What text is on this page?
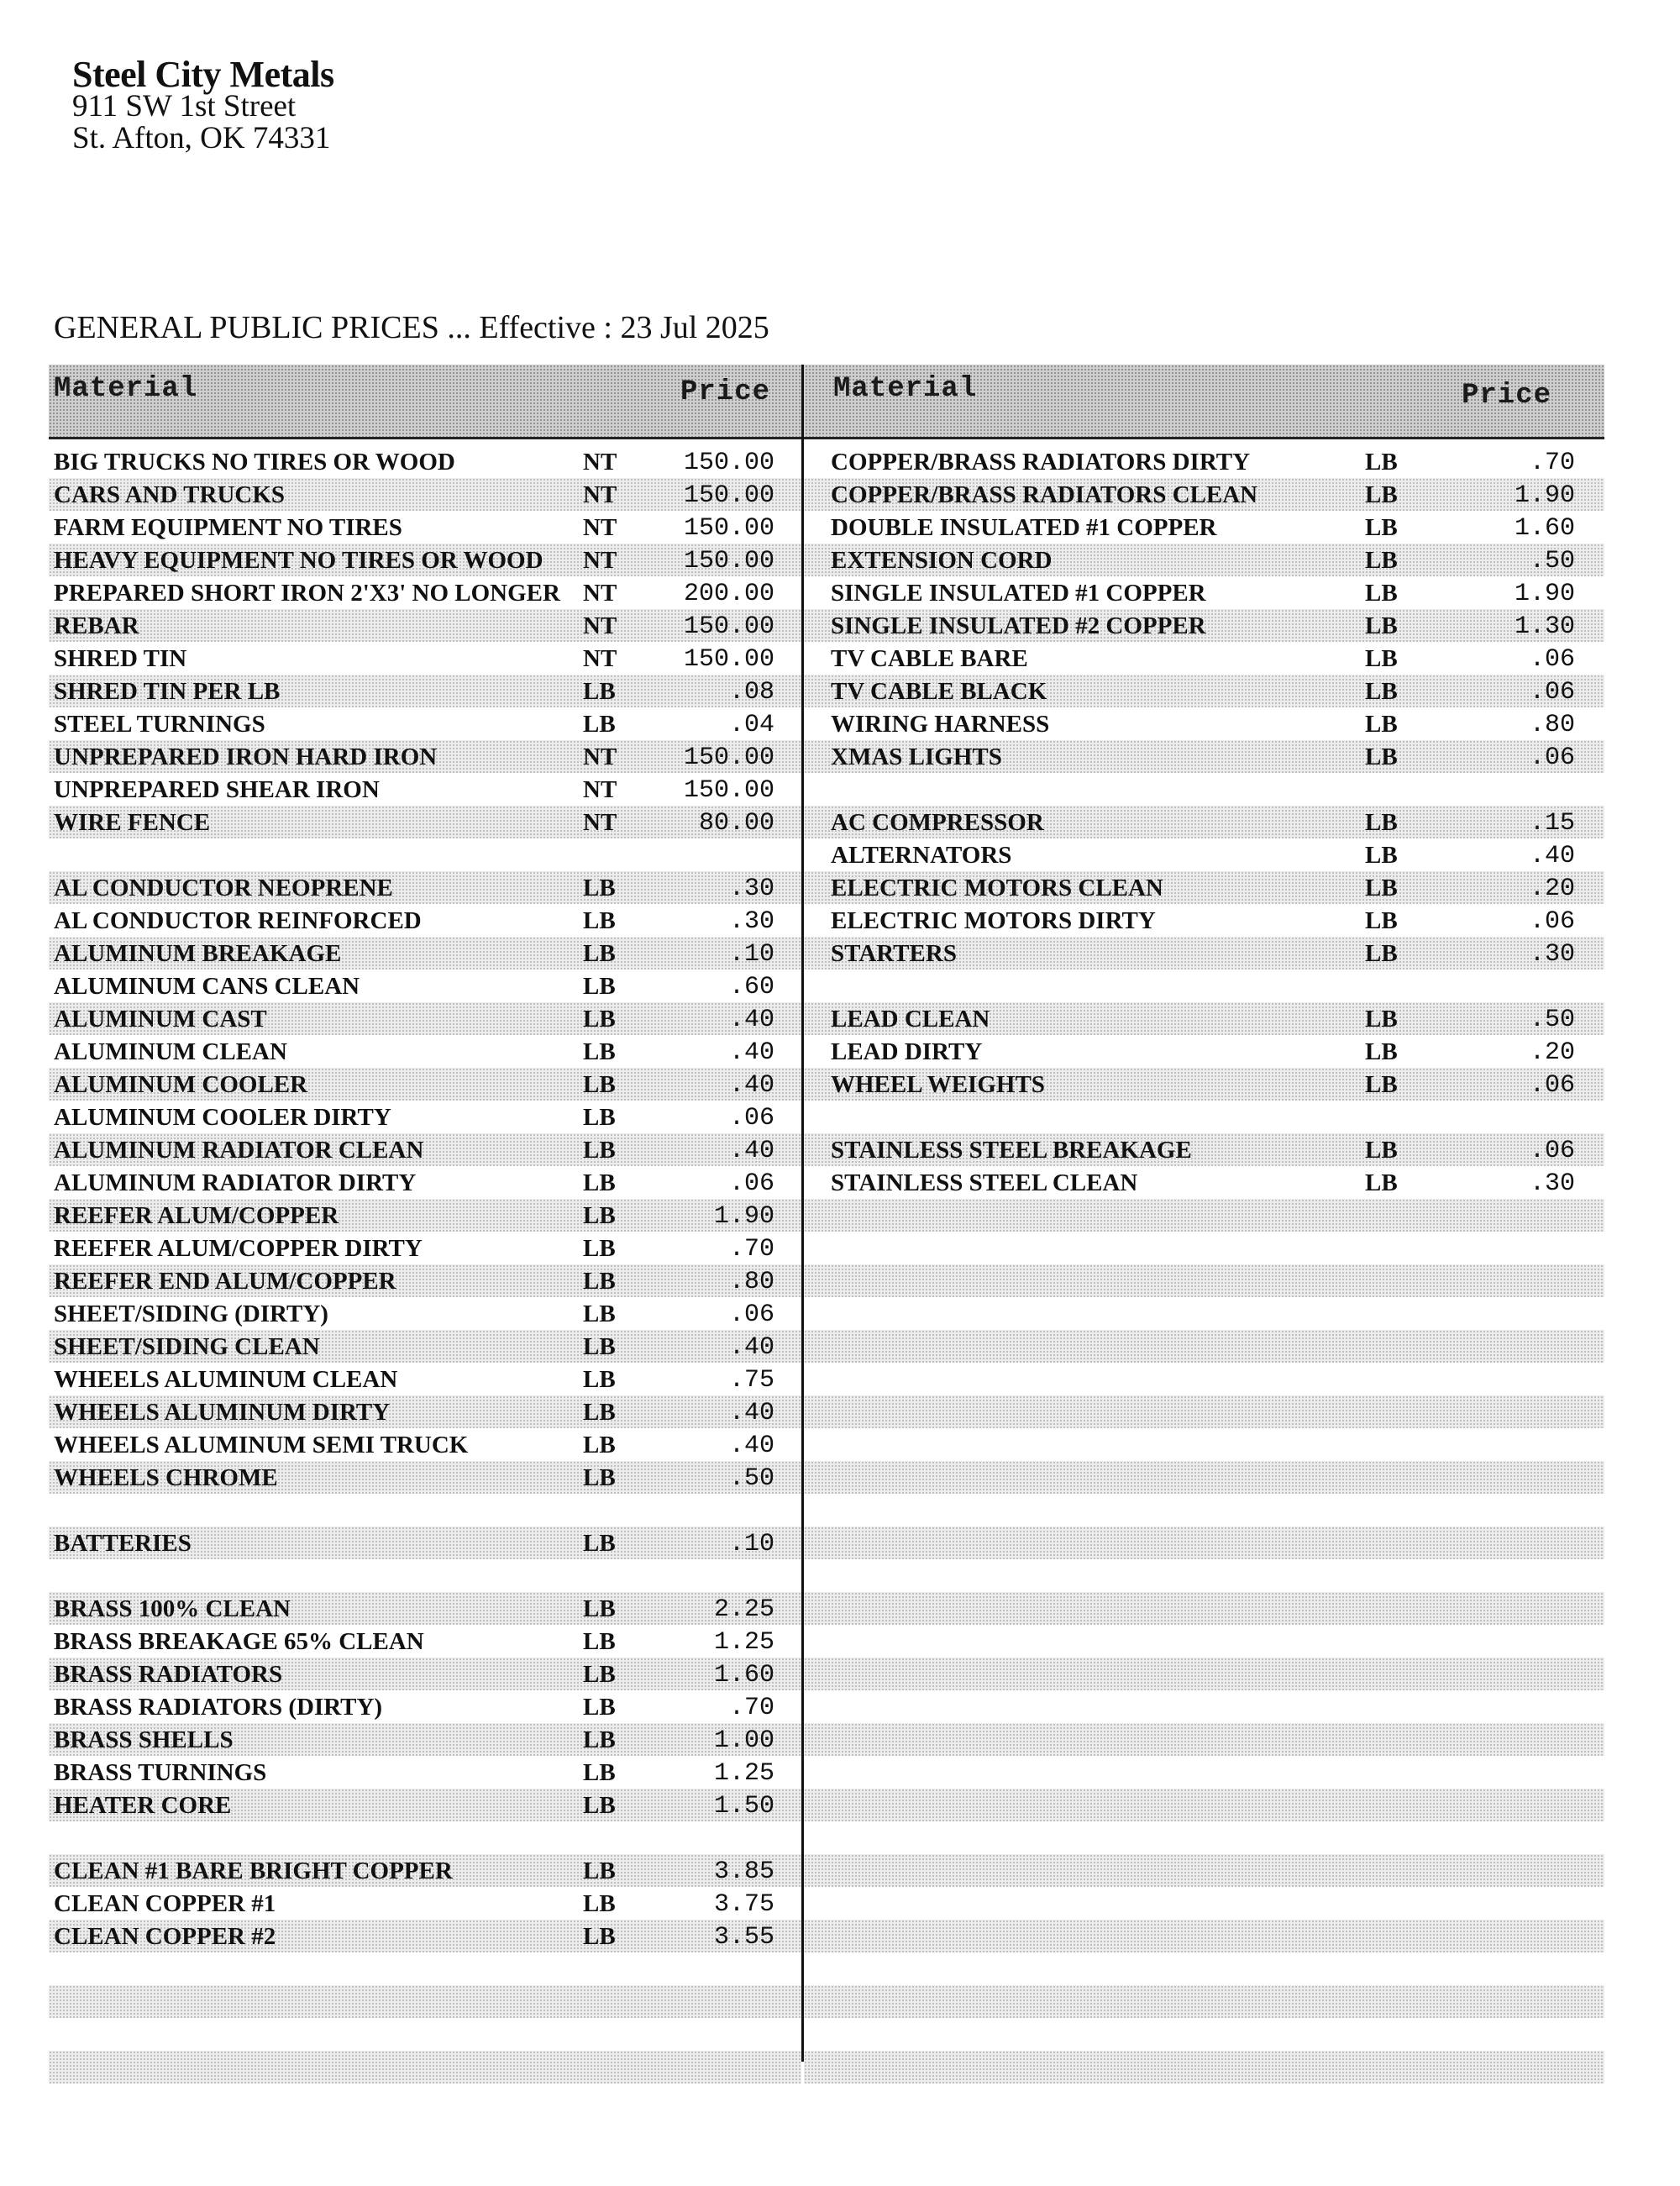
Steel City Metals
911 SW 1st Street
St. Afton, OK 74331
GENERAL PUBLIC PRICES ... Effective : 23 Jul 2025
Material	Price Material	Price
BIG TRUCKS NO TIRES OR WOOD	NT	150.00
CARS AND TRUCKS	NT	150.00
FARM EQUIPMENT NO TIRES	NT	150.00
HEAVY EQUIPMENT NO TIRES OR WOOD NT	150.00
PREPARED SHORT IRON 2'X3' NO LONGER NT	200.00
REBAR	NT	150.00
SHRED TIN	NT	150.00
SHRED TIN PER LB	LB	.08
STEEL TURNINGS	LB	.04
UNPREPARED IRON HARD IRON	NT	150.00
UNPREPARED SHEAR IRON	NT	150.00
WIRE FENCE	NT	80.00
AL CONDUCTOR NEOPRENE	LB	.30
AL CONDUCTOR REINFORCED	LB	.30
ALUMINUM BREAKAGE	LB	.10
ALUMINUM CANS CLEAN	LB	.60
ALUMINUM CAST	LB	.40
ALUMINUM CLEAN	LB	.40
ALUMINUM COOLER	LB	.40
ALUMINUM COOLER DIRTY	LB	.06
ALUMINUM RADIATOR CLEAN	LB	.40
ALUMINUM RADIATOR DIRTY	LB	.06
REEFER ALUM/COPPER	LB	1.90
REEFER ALUM/COPPER DIRTY	LB	.70
REEFER END ALUM/COPPER	LB	.80
SHEET/SIDING (DIRTY)	LB	.06
SHEET/SIDING CLEAN	LB	.40
WHEELS ALUMINUM CLEAN	LB	.75
WHEELS ALUMINUM DIRTY	LB	.40
WHEELS ALUMINUM SEMI TRUCK	LB	.40
WHEELS CHROME	LB	.50
BATTERIES	LB	.10
BRASS 100% CLEAN	LB	2.25
BRASS BREAKAGE 65% CLEAN	LB	1.25
BRASS RADIATORS	LB	1.60
BRASS RADIATORS (DIRTY)	LB	.70
BRASS SHELLS	LB	1.00
BRASS TURNINGS	LB	1.25
HEATER CORE	LB	1.50
CLEAN #1 BARE BRIGHT COPPER	LB	3.85
CLEAN COPPER #1	LB	3.75
CLEAN COPPER #2	LB	3.55
COPPER/BRASS RADIATORS DIRTY	LB	.70
COPPER/BRASS RADIATORS CLEAN	LB	1.90
DOUBLE INSULATED #1 COPPER	LB	1.60
EXTENSION CORD	LB	.50
SINGLE INSULATED #1 COPPER	LB	1.90
SINGLE INSULATED #2 COPPER	LB	1.30
TV CABLE BARE	LB	.06
TV CABLE BLACK	LB	.06
WIRING HARNESS	LB	.80
XMAS LIGHTS	LB	.06
AC COMPRESSOR	LB	.15
ALTERNATORS	LB	.40
ELECTRIC MOTORS CLEAN	LB	.20
ELECTRIC MOTORS DIRTY	LB	.06
STARTERS	LB	.30
LEAD CLEAN	LB	.50
LEAD DIRTY	LB	.20
WHEEL WEIGHTS	LB	.06
STAINLESS STEEL BREAKAGE	LB	.06
STAINLESS STEEL CLEAN	LB	.30
